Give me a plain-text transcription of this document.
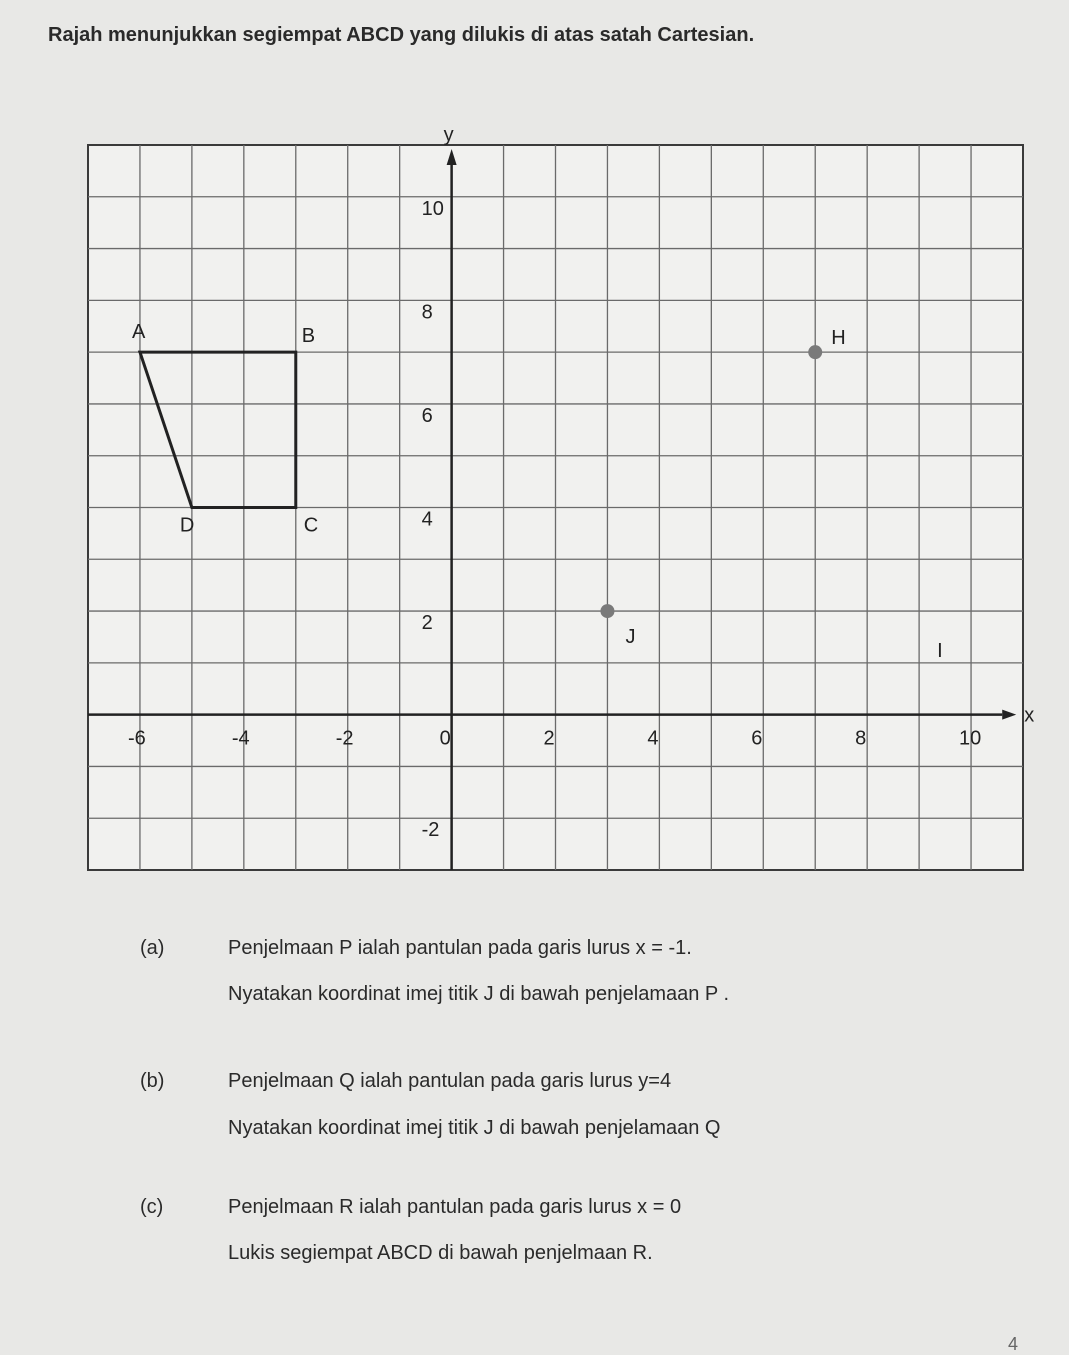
Rajah menunjukkan segiempat ABCD yang dilukis di atas satah Cartesian.
x
y
-6	-4	-2	0	2	4	6	8	10
10
8
6
4
2
-2
A	B
C
D
H
J
I
(a)	Penjelmaan P ialah pantulan pada garis lurus x = -1.
Nyatakan koordinat imej titik J di bawah penjelamaan P .
(b)	Penjelmaan Q ialah pantulan pada garis lurus y=4
Nyatakan koordinat imej titik J di bawah penjelamaan Q
(c)	Penjelmaan R ialah pantulan pada garis lurus x = 0
Lukis segiempat ABCD di bawah penjelmaan R.
4
